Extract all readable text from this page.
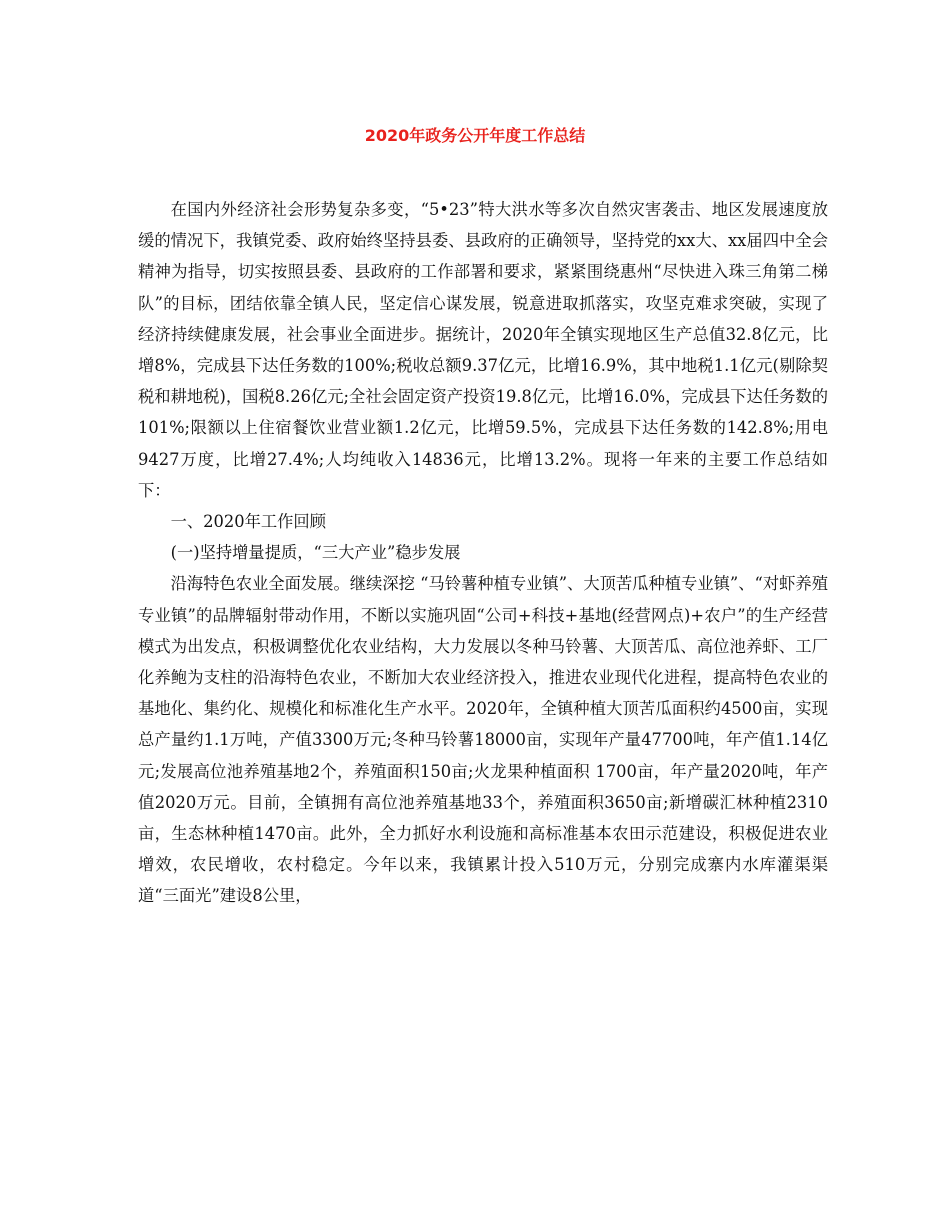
2020年政务公开年度工作总结

在国内外经济社会形势复杂多变，“5•23”特大洪水等多次自然灾害袭击、地区发展速度放缓的情况下，我镇党委、政府始终坚持县委、县政府的正确领导，坚持党的xx大、xx届四中全会精神为指导，切实按照县委、县政府的工作部署和要求，紧紧围绕惠州“尽快进入珠三角第二梯队”的目标，团结依靠全镇人民，坚定信心谋发展，锐意进取抓落实，攻坚克难求突破，实现了经济持续健康发展，社会事业全面进步。据统计，2020年全镇实现地区生产总值32.8亿元，比增8%，完成县下达任务数的100%;税收总额9.37亿元，比增16.9%，其中地税1.1亿元(剔除契税和耕地税)，国税8.26亿元;全社会固定资产投资19.8亿元，比增16.0%，完成县下达任务数的101%;限额以上住宿餐饮业营业额1.2亿元，比增59.5%，完成县下达任务数的142.8%;用电9427万度，比增27.4%;人均纯收入14836元，比增13.2%。现将一年来的主要工作总结如下：

一、2020年工作回顾

(一)坚持增量提质，“三大产业”稳步发展

沿海特色农业全面发展。继续深挖 “马铃薯种植专业镇”、大顶苦瓜种植专业镇”、“对虾养殖专业镇”的品牌辐射带动作用，不断以实施巩固“公司+科技+基地(经营网点)+农户”的生产经营模式为出发点，积极调整优化农业结构，大力发展以冬种马铃薯、大顶苦瓜、高位池养虾、工厂化养鲍为支柱的沿海特色农业，不断加大农业经济投入，推进农业现代化进程，提高特色农业的基地化、集约化、规模化和标准化生产水平。2020年，全镇种植大顶苦瓜面积约4500亩，实现总产量约1.1万吨，产值3300万元;冬种马铃薯18000亩，实现年产量47700吨，年产值1.14亿元;发展高位池养殖基地2个，养殖面积150亩;火龙果种植面积 1700亩，年产量2020吨，年产值2020万元。目前，全镇拥有高位池养殖基地33个，养殖面积3650亩;新增碳汇林种植2310亩，生态林种植1470亩。此外，全力抓好水利设施和高标准基本农田示范建设，积极促进农业增效，农民增收，农村稳定。今年以来，我镇累计投入510万元，分别完成寨内水库灌渠渠道“三面光”建设8公里，
